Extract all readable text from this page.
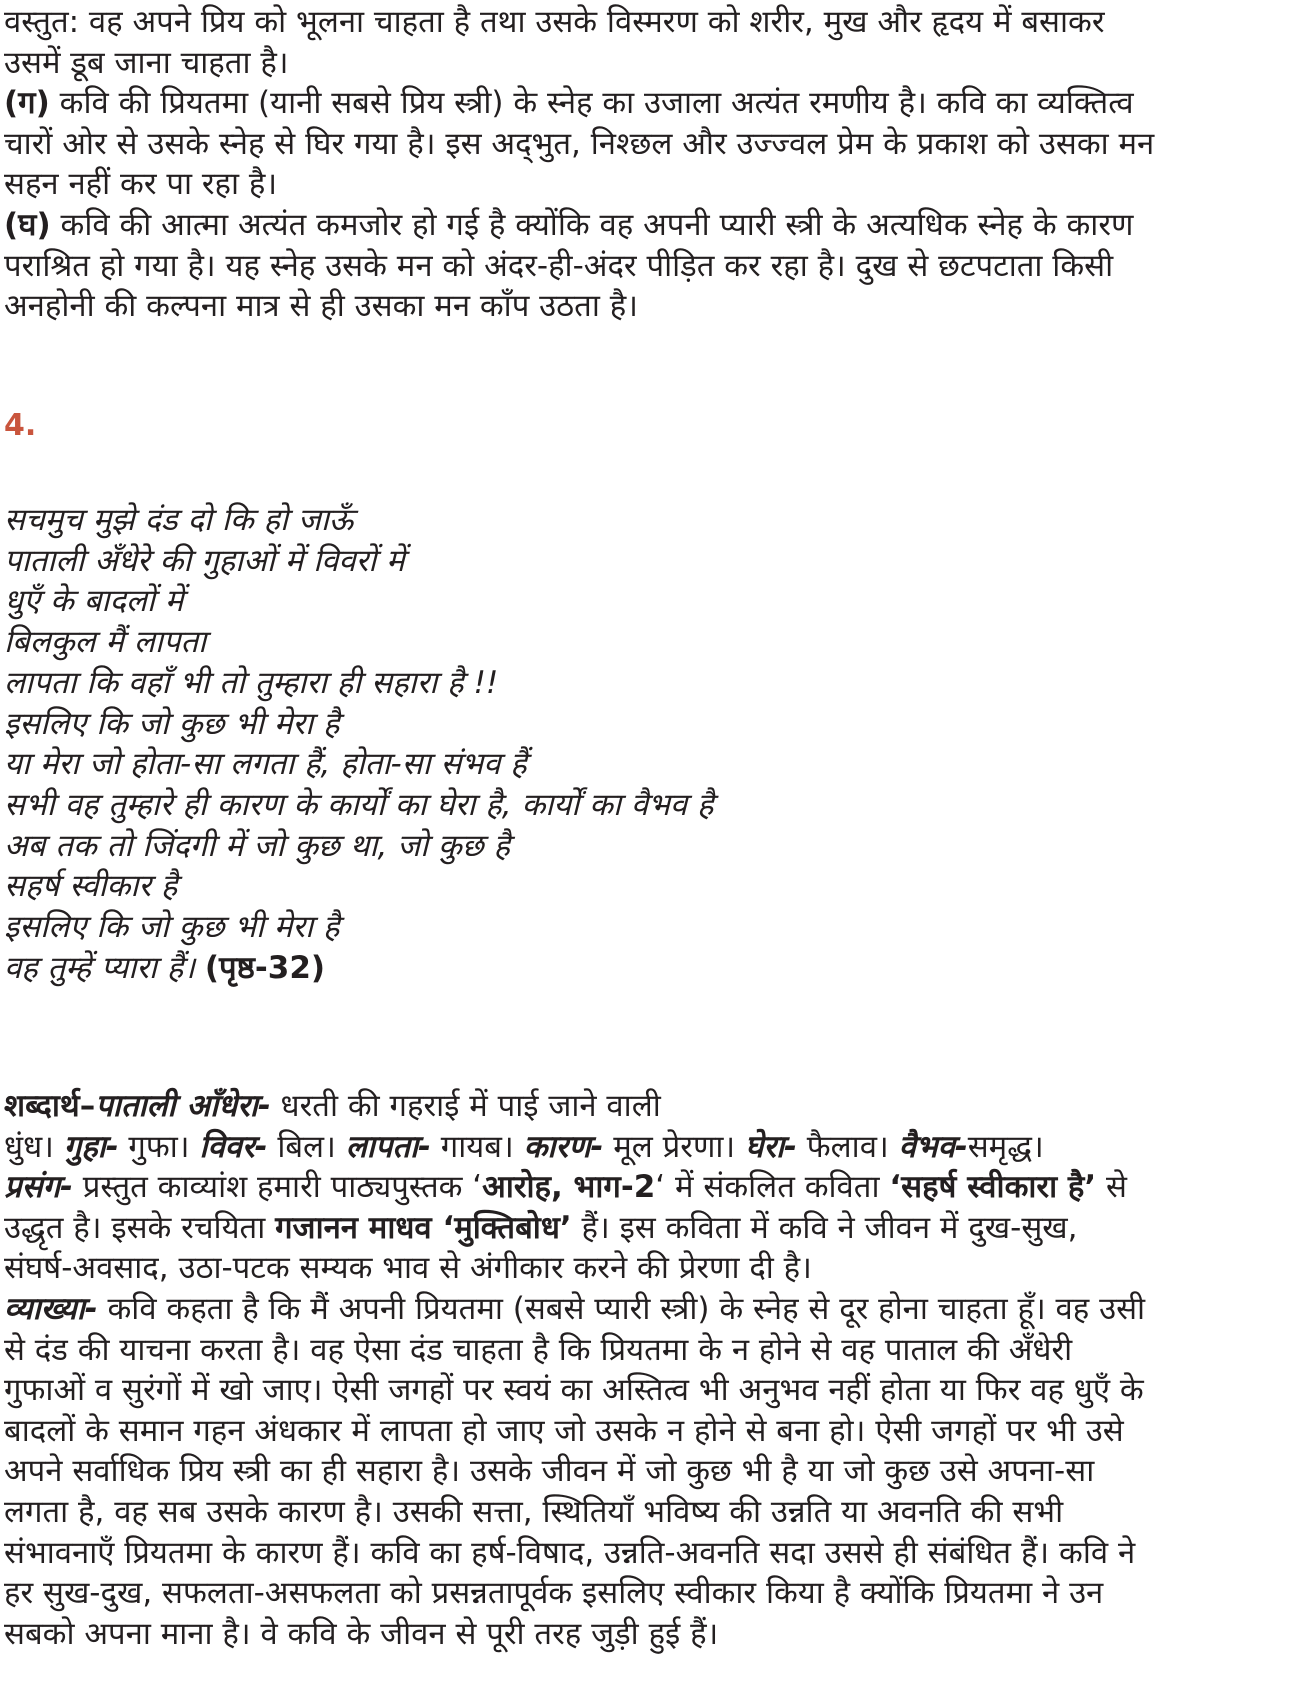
वस्तुत: वह अपने प्रिय को भूलना चाहता है तथा उसके विस्मरण को शरीर, मुख और हृदय में बसाकर

उसमें डूब जाना चाहता है।

(ग) कवि की प्रियतमा (यानी सबसे प्रिय स्त्री) के स्नेह का उजाला अत्यंत रमणीय है। कवि का व्यक्तित्व

चारों ओर से उसके स्नेह से घिर गया है। इस अद्‌भुत, निश्छल और उज्ज्वल प्रेम के प्रकाश को उसका मन

सहन नहीं कर पा रहा है।

(घ) कवि की आत्मा अत्यंत कमजोर हो गई है क्योंकि वह अपनी प्यारी स्त्री के अत्यधिक स्नेह के कारण

पराश्रित हो गया है। यह स्नेह उसके मन को अंदर-ही-अंदर पीड़ित कर रहा है। दुख से छटपटाता किसी

अनहोनी की कल्पना मात्र से ही उसका मन काँप उठता है।

4.

सचमुच मुझे दंड दो कि हो जाऊँ

पाताली अँधेरे की गुहाओं में विवरों में

धुएँ के बादलों में

बिलकुल मैं लापता

लापता कि वहाँ भी तो तुम्हारा ही सहारा है !!

इसलिए कि जो कुछ भी मेरा है

या मेरा जो होता-सा लगता हैं, होता-सा संभव हैं

सभी वह तुम्हारे ही कारण के कार्यों का घेरा है, कार्यों का वैभव है

अब तक तो जिंदगी में जो कुछ था, जो कुछ है

सहर्ष स्वीकार है

इसलिए कि जो कुछ भी मेरा है

वह तुम्हें प्यारा हैं। (पृष्ठ-32)

शब्दार्थ–पाताली आँधेरा- धरती की गहराई में पाई जाने वाली

धुंध। गुहा- गुफा। विवर- बिल। लापता- गायब। कारण- मूल प्रेरणा। घेरा- फैलाव। वैभव-समृद्ध।

प्रसंग- प्रस्तुत काव्यांश हमारी पाठ्यपुस्तक ‘आरोह, भाग-2‘ में संकलित कविता ‘सहर्ष स्वीकारा है’ से

उद्धृत है। इसके रचयिता गजानन माधव ‘मुक्तिबोध’ हैं। इस कविता में कवि ने जीवन में दुख-सुख,

संघर्ष-अवसाद, उठा-पटक सम्यक भाव से अंगीकार करने की प्रेरणा दी है।

व्याख्या- कवि कहता है कि मैं अपनी प्रियतमा (सबसे प्यारी स्त्री) के स्नेह से दूर होना चाहता हूँ। वह उसी

से दंड की याचना करता है। वह ऐसा दंड चाहता है कि प्रियतमा के न होने से वह पाताल की अँधेरी

गुफाओं व सुरंगों में खो जाए। ऐसी जगहों पर स्वयं का अस्तित्व भी अनुभव नहीं होता या फिर वह धुएँ के

बादलों के समान गहन अंधकार में लापता हो जाए जो उसके न होने से बना हो। ऐसी जगहों पर भी उसे

अपने सर्वाधिक प्रिय स्त्री का ही सहारा है। उसके जीवन में जो कुछ भी है या जो कुछ उसे अपना-सा

लगता है, वह सब उसके कारण है। उसकी सत्ता, स्थितियाँ भविष्य की उन्नति या अवनति की सभी

संभावनाएँ प्रियतमा के कारण हैं। कवि का हर्ष-विषाद, उन्नति-अवनति सदा उससे ही संबंधित हैं। कवि ने

हर सुख-दुख, सफलता-असफलता को प्रसन्नतापूर्वक इसलिए स्वीकार किया है क्योंकि प्रियतमा ने उन

सबको अपना माना है। वे कवि के जीवन से पूरी तरह जुड़ी हुई हैं।
